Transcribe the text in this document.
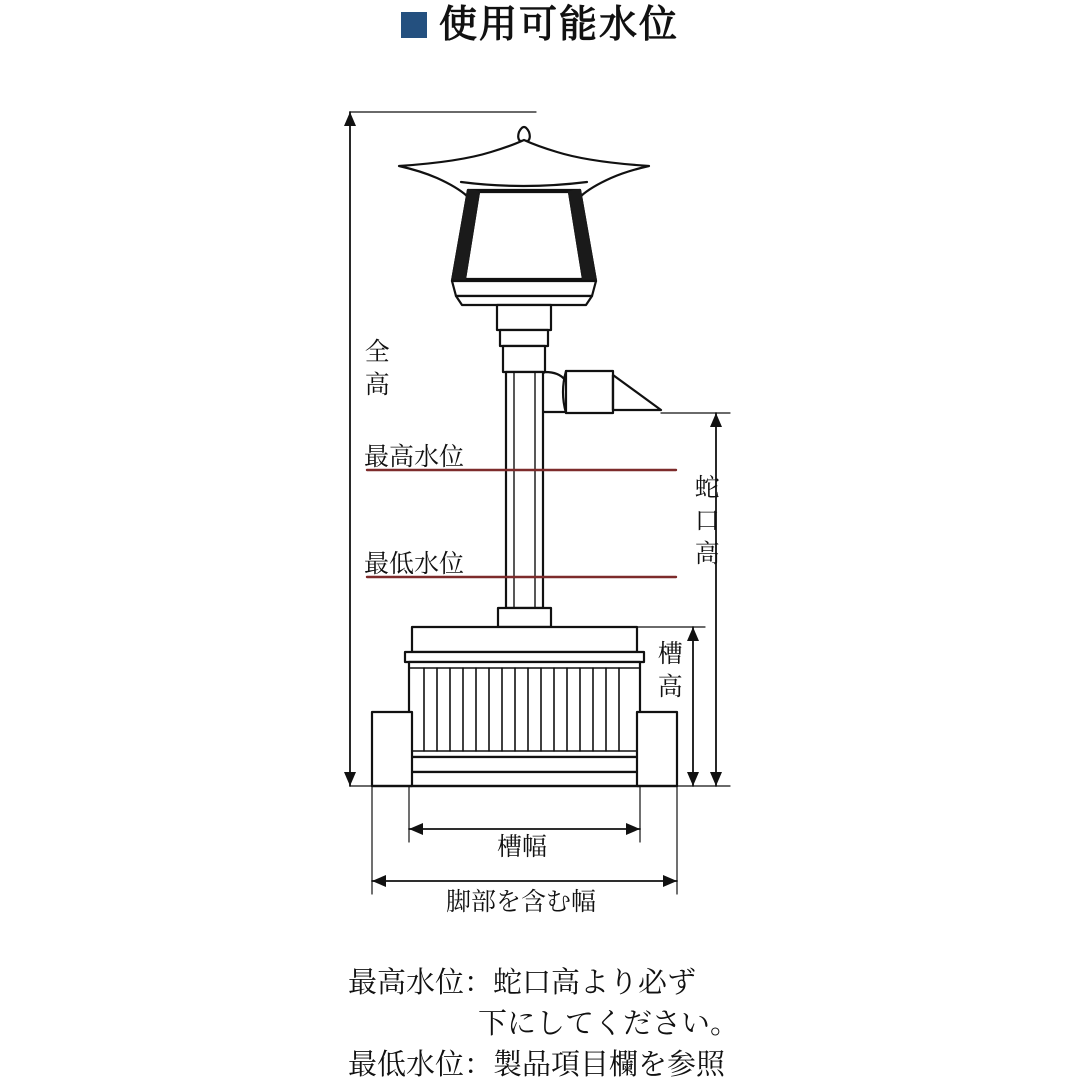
使用可能水位
全高
最高水位
最低水位	蛇口高
槽高
槽幅
脚部を含む幅
最高水位：蛇口高より必ず
下にしてください。
最低水位：製品項目欄を参照
